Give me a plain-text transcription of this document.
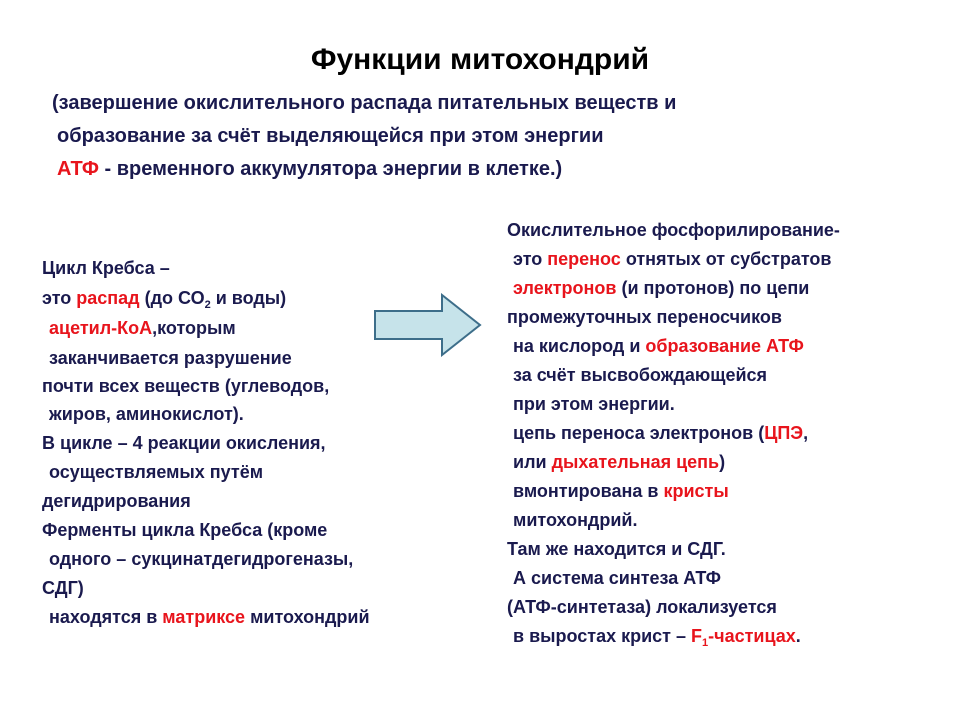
Функции митохондрий
(завершение окислительного распада питательных веществ и
образование за счёт выделяющейся при этом энергии
АТФ - временного аккумулятора энергии в клетке.)
Цикл Кребса –
это распад (до $СО_2$ и воды)
ацетил-КоА,которым
заканчивается разрушение
почти всех веществ (углеводов,
жиров, аминокислот).
В цикле – 4 реакции окисления,
осуществляемых путём
дегидрирования
Ферменты цикла Кребса (кроме
одного – сукцинатдегидрогеназы,
СДГ)
находятся в матриксе митохондрий
Окислительное фосфорилирование-
это перенос отнятых от субстратов
электронов (и протонов) по цепи
промежуточных переносчиков
на кислород и образование АТФ
за счёт высвобождающейся
при этом энергии.
цепь переноса электронов (ЦПЭ,
или дыхательная цепь)
вмонтирована в кристы
митохондрий.
Там же находится и СДГ.
А система синтеза АТФ
(АТФ-синтетаза) локализуется
в выростах крист – $F_1$-частицах.
